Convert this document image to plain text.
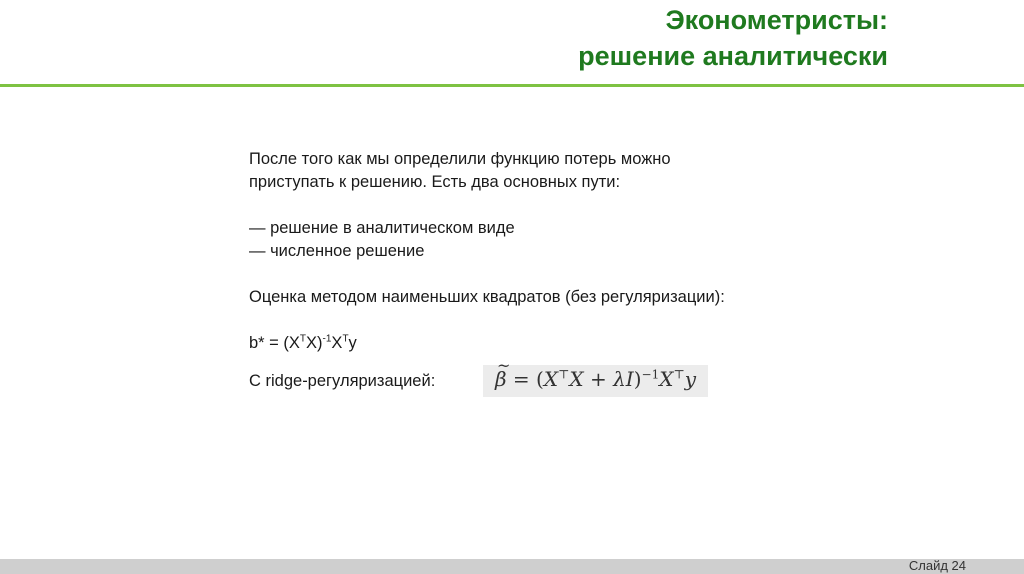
Эконометристы:
решение аналитически

После того как мы определили функцию потерь можно

приступать к решению. Есть два основных пути:

— решение в аналитическом виде

— численное решение

Оценка методом наименьших квадратов (без регуляризации):

$b* = (X^TX)^{-1}X^Ty$

С ridge-регуляризацией:
~	$\beta = (X^⊤X + \lambda I)^{-1}X^⊤y$
Слайд 24
